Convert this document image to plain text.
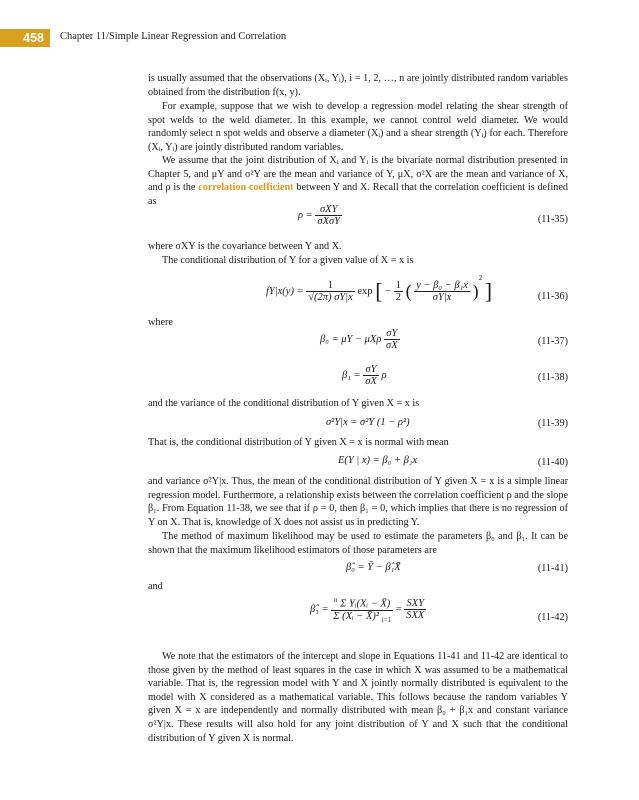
458	Chapter 11/Simple Linear Regression and Correlation
is usually assumed that the observations (Xᵢ, Yᵢ), i = 1, 2, …, n are jointly distributed random variables obtained from the distribution f(x, y).
For example, suppose that we wish to develop a regression model relating the shear strength of spot welds to the weld diameter. In this example, we cannot control weld diameter. We would randomly select n spot welds and observe a diameter (Xᵢ) and a shear strength (Yᵢ) for each. Therefore (Xᵢ, Yᵢ) are jointly distributed random variables.
We assume that the joint distribution of Xᵢ and Yᵢ is the bivariate normal distribution presented in Chapter 5, and μY and σ²Y are the mean and variance of Y, μX, σ²X are the mean and variance of X, and ρ is the correlation coefficient between Y and X. Recall that the correlation coefficient is defined as
ρ =
σXY
σXσY	(11-35)
where σXY is the covariance between Y and X.
The conditional distribution of Y for a given value of X = x is
$fY|x(y) = \frac{1}{√(2\pi) \sigma Y|x}$ exp [ − $\frac{1}{2}$ ( $\frac{\text{y − β₀ − β₁x}}{\sigma Y|x} )^2$ ]	(11-36)
where
β₀ = μY − μXρ $\frac{\sigma Y}{\sigma X}$	(11-37)
$\beta_1 = \frac{\sigma Y}{\sigma X}$ ρ	(11-38)
and the variance of the conditional distribution of Y given X = x is
σ²Y|x = σ²Y (1 − ρ²)	(11-39)
That is, the conditional distribution of Y given X = x is normal with mean
E(Y | x) = β₀ + β₁x	(11-40)
and variance σ²Y|x. Thus, the mean of the conditional distribution of Y given X = x is a simple linear regression model. Furthermore, a relationship exists between the correlation coefficient ρ and the slope β₁. From Equation 11-38, we see that if ρ = 0, then β₁ = 0, which implies that there is no regression of Y on X. That is, knowledge of X does not assist us in predicting Y.
The method of maximum likelihood may be used to estimate the parameters β₀ and β₁. It can be shown that the maximum likelihood estimators of those parameters are
β̂₀ = Ȳ − β̂₁X̄	(11-41)
and
β̂₁ = $\frac{^n \Sigma Yᵢ(Xᵢ - X̄)}{\Sigma (Xᵢ - X̄)^2 _{i=1}}$ =
SXY
SXX	(11-42)
We note that the estimators of the intercept and slope in Equations 11-41 and 11-42 are identical to those given by the method of least squares in the case in which X was assumed to be a mathematical variable. That is, the regression model with Y and X jointly normally distributed is equivalent to the model with X considered as a mathematical variable. This follows because the random variables Y given X = x are independently and normally distributed with mean β₀ + β₁x and constant variance σ²Y|x. These results will also hold for any joint distribution of Y and X such that the conditional distribution of Y given X is normal.
